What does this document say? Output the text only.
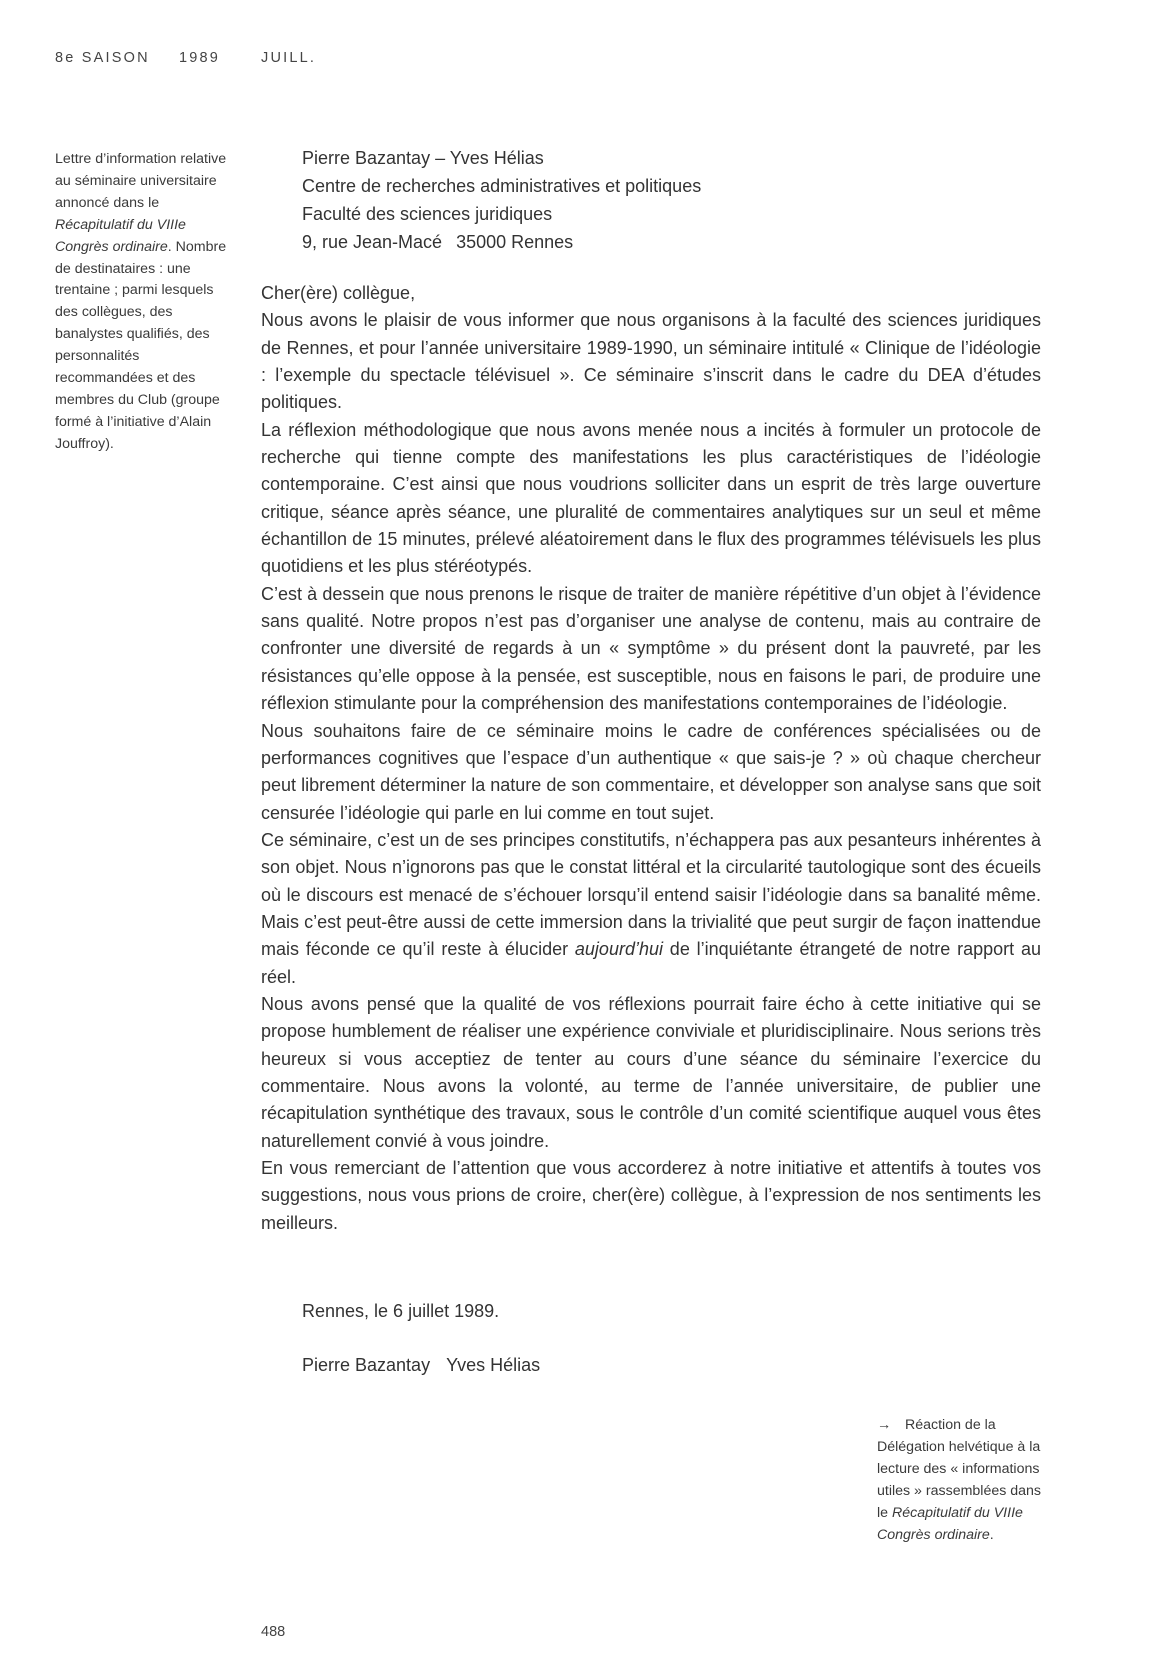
8e SAISON 1989	JUILL.

Lettre d’information relative au séminaire universitaire annoncé dans le Récapitulatif du VIIIe Congrès ordinaire. Nombre de destinataires : une trentaine ; parmi lesquels des collègues, des banalystes qualifiés, des personnalités recommandées et des membres du Club (groupe formé à l’initiative d’Alain Jouffroy).

Pierre Bazantay – Yves Hélias
Centre de recherches administratives et politiques
Faculté des sciences juridiques
9, rue Jean-Macé 35000 Rennes

Cher(ère) collègue,

Nous avons le plaisir de vous informer que nous organisons à la faculté des sciences juridiques de Rennes, et pour l’année universitaire 1989-1990, un séminaire intitulé « Clinique de l’idéologie : l’exemple du spectacle télévisuel ». Ce séminaire s’inscrit dans le cadre du DEA d’études politiques.

La réflexion méthodologique que nous avons menée nous a incités à formuler un protocole de recherche qui tienne compte des manifestations les plus caractéristiques de l’idéologie contemporaine. C’est ainsi que nous voudrions solliciter dans un esprit de très large ouverture critique, séance après séance, une pluralité de commentaires analytiques sur un seul et même échantillon de 15 minutes, prélevé aléatoirement dans le flux des programmes télévisuels les plus quotidiens et les plus stéréotypés.

C’est à dessein que nous prenons le risque de traiter de manière répétitive d’un objet à l’évidence sans qualité. Notre propos n’est pas d’organiser une analyse de contenu, mais au contraire de confronter une diversité de regards à un « symptôme » du présent dont la pauvreté, par les résistances qu’elle oppose à la pensée, est susceptible, nous en faisons le pari, de produire une réflexion stimulante pour la compréhension des manifestations contemporaines de l’idéologie.

Nous souhaitons faire de ce séminaire moins le cadre de conférences spécialisées ou de performances cognitives que l’espace d’un authentique « que sais-je ? » où chaque chercheur peut librement déterminer la nature de son commentaire, et développer son analyse sans que soit censurée l’idéologie qui parle en lui comme en tout sujet.

Ce séminaire, c’est un de ses principes constitutifs, n’échappera pas aux pesanteurs inhérentes à son objet. Nous n’ignorons pas que le constat littéral et la circularité tautologique sont des écueils où le discours est menacé de s’échouer lorsqu’il entend saisir l’idéologie dans sa banalité même. Mais c’est peut-être aussi de cette immersion dans la trivialité que peut surgir de façon inattendue mais féconde ce qu’il reste à élucider aujourd’hui de l’inquiétante étrangeté de notre rapport au réel.

Nous avons pensé que la qualité de vos réflexions pourrait faire écho à cette initiative qui se propose humblement de réaliser une expérience conviviale et pluridisciplinaire. Nous serions très heureux si vous acceptiez de tenter au cours d’une séance du séminaire l’exercice du commentaire. Nous avons la volonté, au terme de l’année universitaire, de publier une récapitulation synthétique des travaux, sous le contrôle d’un comité scientifique auquel vous êtes naturellement convié à vous joindre.

En vous remerciant de l’attention que vous accorderez à notre initiative et attentifs à toutes vos suggestions, nous vous prions de croire, cher(ère) collègue, à l’expression de nos sentiments les meilleurs.

Rennes, le 6 juillet 1989.
Pierre Bazantay Yves Hélias

→ Réaction de la Délégation helvétique à la lecture des « informations utiles » rassemblées dans le Récapitulatif du VIIIe Congrès ordinaire.

488
